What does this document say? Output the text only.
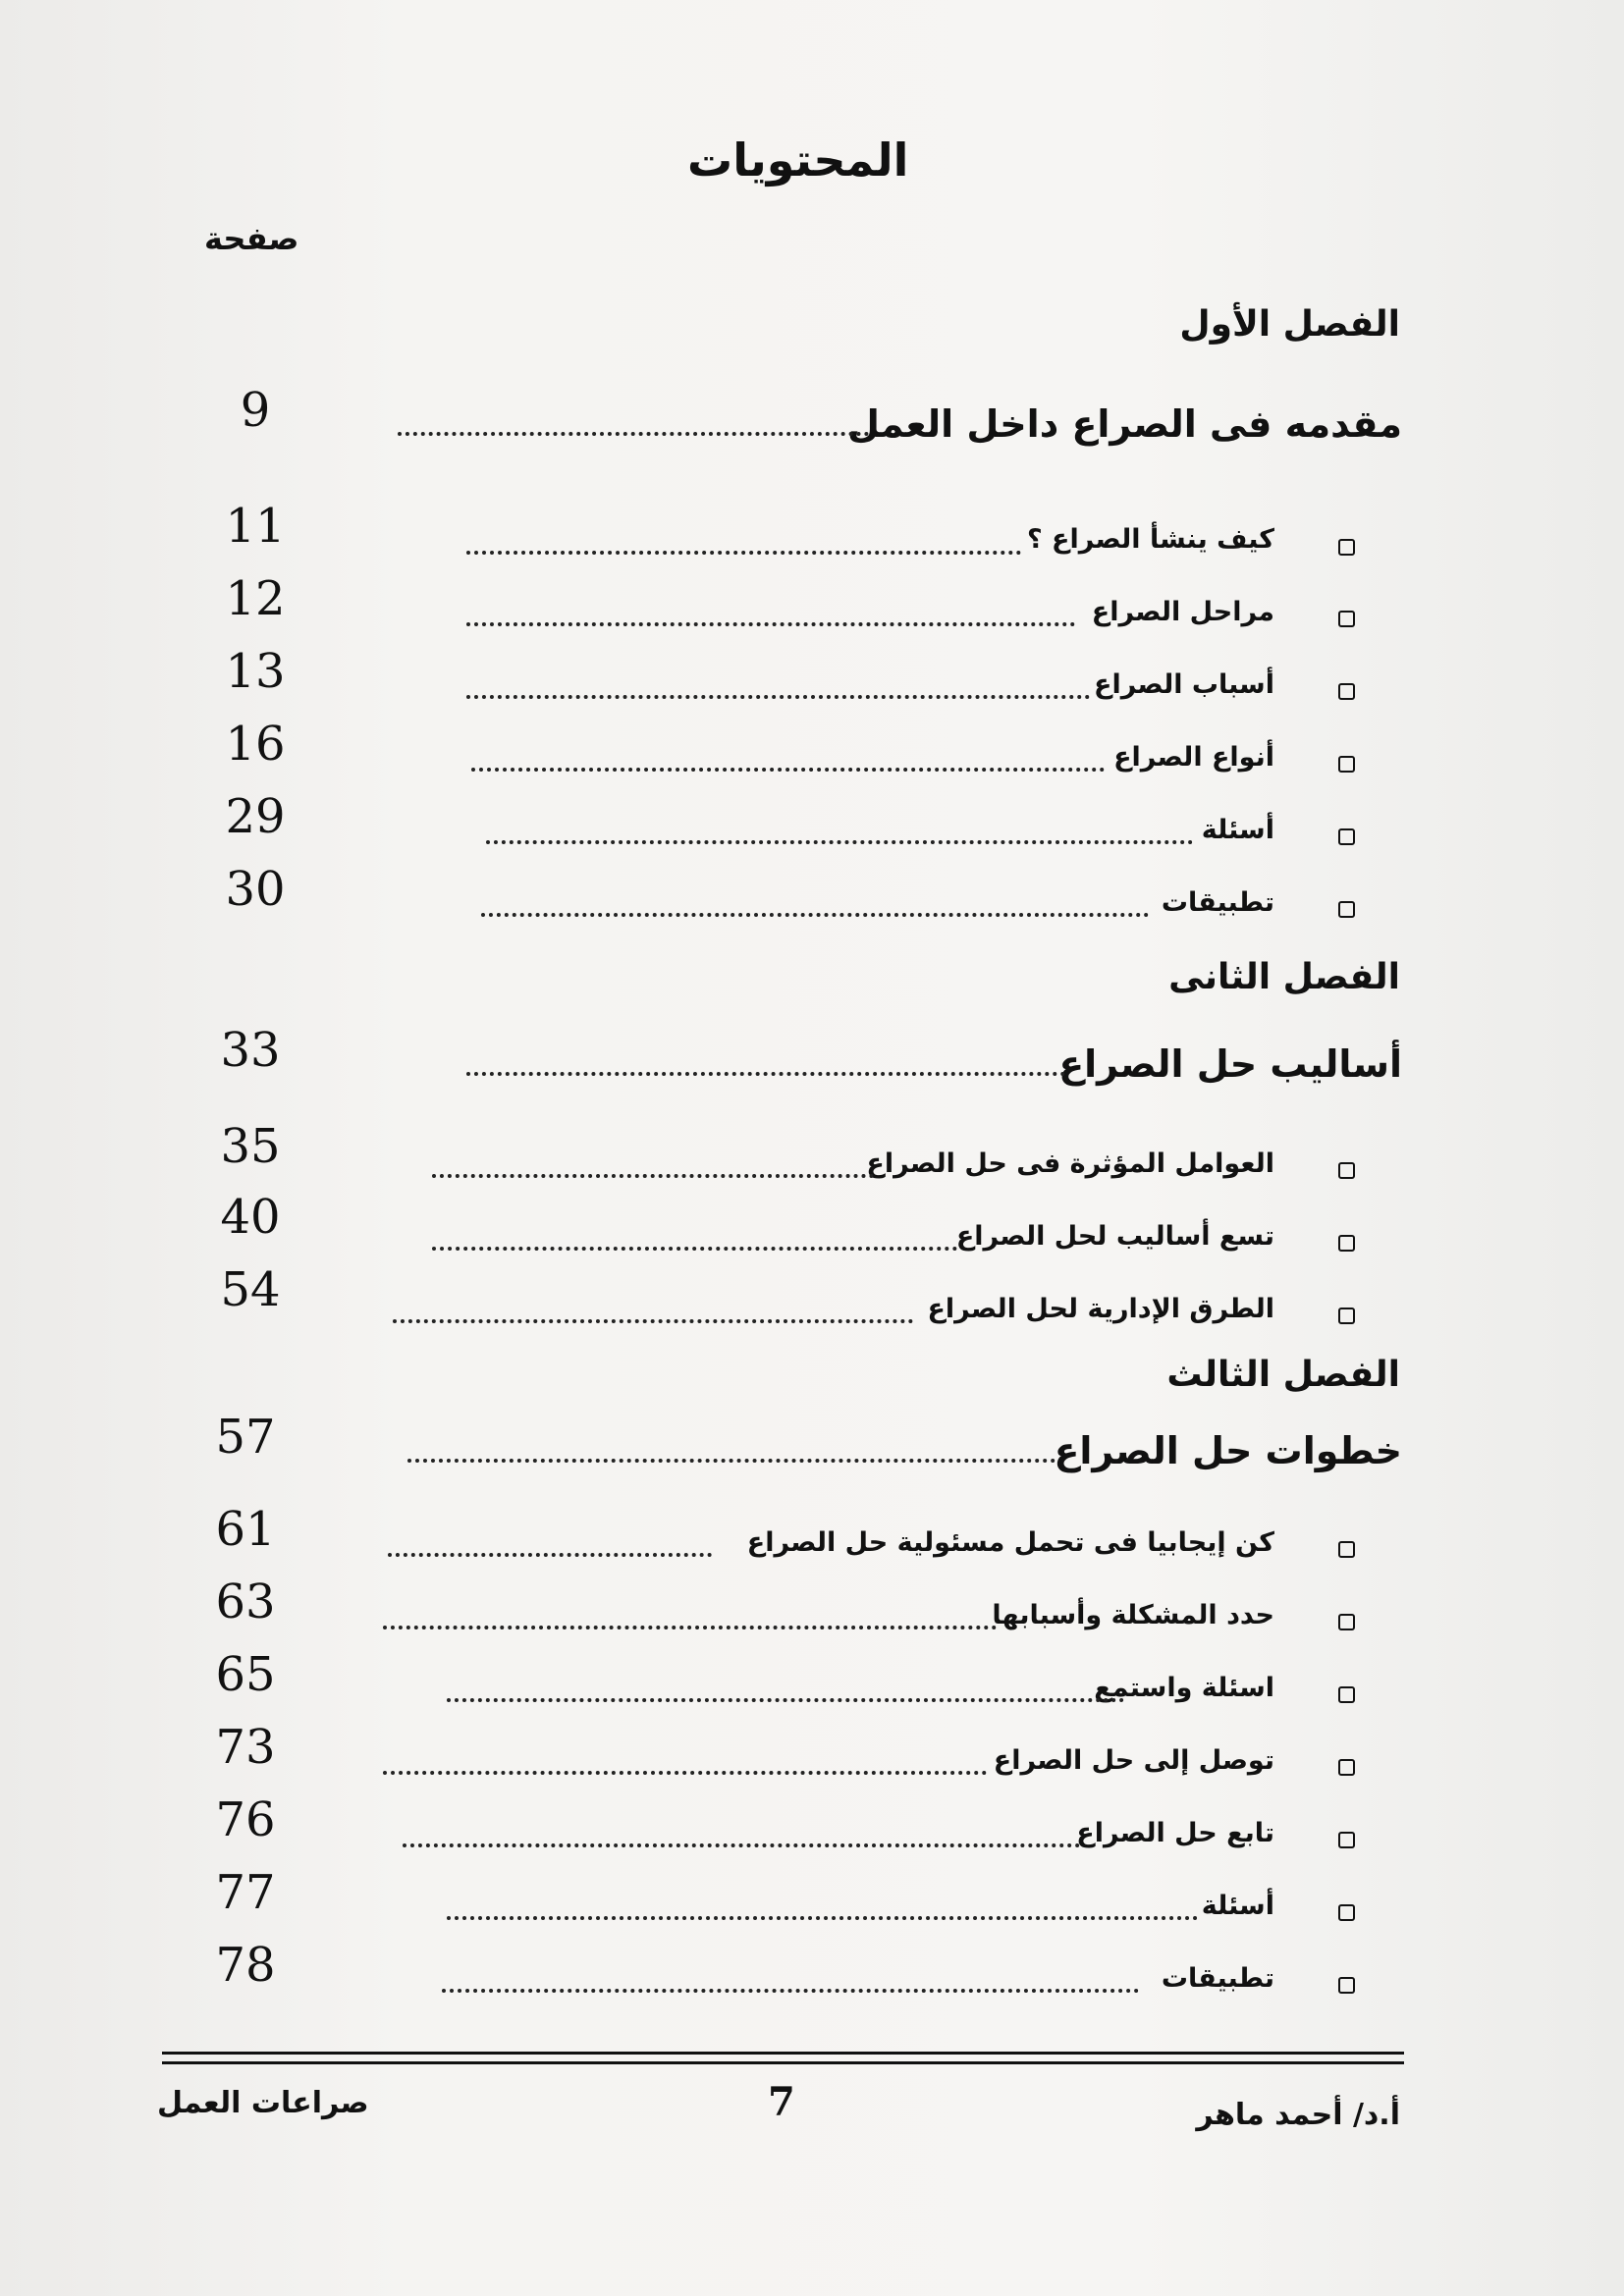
المحتويات
صفحة
الفصل الأول
مقدمه فى الصراع داخل العمل
9
كيف ينشأ الصراع ؟
11
مراحل الصراع
12
أسباب الصراع
13
أنواع الصراع
16
أسئلة
29
تطبيقات
30
الفصل الثانى
أساليب حل الصراع
33
العوامل المؤثرة فى حل الصراع
35
تسع أساليب لحل الصراع
40
الطرق الإدارية لحل الصراع
54
الفصل الثالث
خطوات حل الصراع
57
كن إيجابيا فى تحمل مسئولية حل الصراع
61
حدد المشكلة وأسبابها
63
اسئلة واستمع
65
توصل إلى حل الصراع
73
تابع حل الصراع
76
أسئلة
77
تطبيقات
78
صراعات العمل	7	أ.د/ أحمد ماهر
